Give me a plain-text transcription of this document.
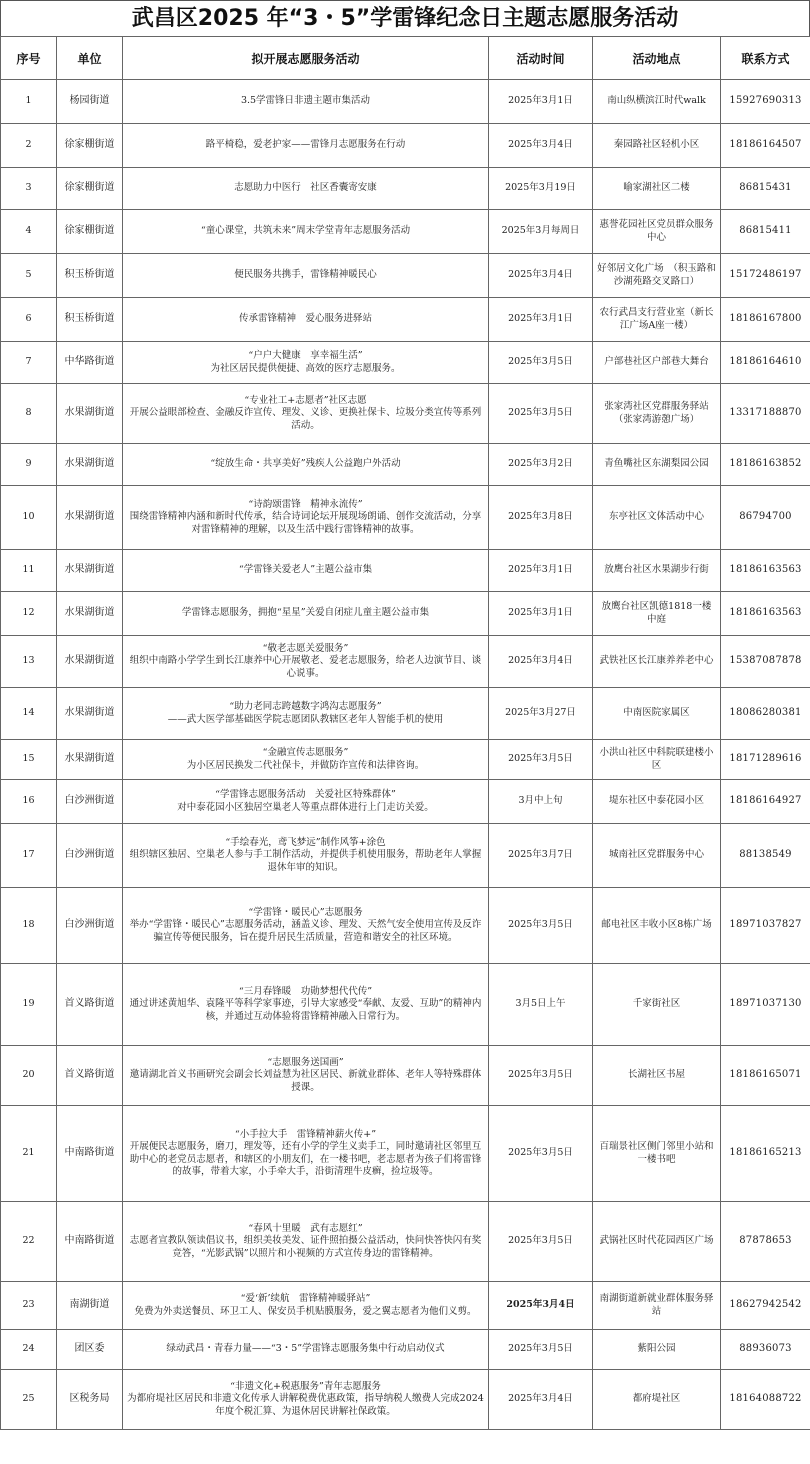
武昌区2025 年“3・5”学雷锋纪念日主题志愿服务活动
序号	单位	拟开展志愿服务活动	活动时间	活动地点	联系方式
1	杨园街道	3.5学雷锋日非遗主题市集活动	2025年3月1日	南山纵横滨江时代walk	15927690313
2	徐家棚街道	路平椅稳，爱老护家——雷锋月志愿服务在行动	2025年3月4日	秦园路社区轻机小区	18186164507
3	徐家棚街道	志愿助力中医行　社区香囊寄安康	2025年3月19日	喻家湖社区二楼	86815431
4	徐家棚街道	“童心课堂，共筑未来”周末学堂青年志愿服务活动	2025年3月每周日	惠誉花园社区党员群众服务中心	86815411
5	积玉桥街道	便民服务共携手，雷锋精神暖民心	2025年3月4日	好邻居文化广场　（积玉路和沙湖苑路交叉路口）	15172486197
6	积玉桥街道	传承雷锋精神　爱心服务进驿站	2025年3月1日	农行武昌支行营业室（新长江广场A座一楼）	18186167800
7	中华路街道	“户户大健康　享幸福生活”
为社区居民提供便捷、高效的医疗志愿服务。	2025年3月5日	户部巷社区户部巷大舞台	18186164610
8	水果湖街道	“专业社工+志愿者”社区志愿
开展公益眼部检查、金融反诈宣传、理发、义诊、更换社保卡、垃圾分类宣传等系列活动。	2025年3月5日	张家湾社区党群服务驿站（张家湾游憩广场）	13317188870
9	水果湖街道	“绽放生命・共享美好”残疾人公益跑户外活动	2025年3月2日	青鱼嘴社区东湖梨园公园	18186163852
10	水果湖街道	“诗韵颂雷锋　精神永流传”
围绕雷锋精神内涵和新时代传承，结合诗词论坛开展现场朗诵、创作交流活动，分享对雷锋精神的理解，以及生活中践行雷锋精神的故事。	2025年3月8日	东亭社区文体活动中心	86794700
11	水果湖街道	“学雷锋关爱老人”主题公益市集	2025年3月1日	放鹰台社区水果湖步行街	18186163563
12	水果湖街道	学雷锋志愿服务，拥抱“星星”关爱自闭症儿童主题公益市集	2025年3月1日	放鹰台社区凯德1818一楼中庭	18186163563
13	水果湖街道	“敬老志愿关爱服务”
组织中南路小学学生到长江康养中心开展敬老、爱老志愿服务，给老人边演节目、谈心说事。	2025年3月4日	武铁社区长江康养养老中心	15387087878
14	水果湖街道	“助力老同志跨越数字鸿沟志愿服务”
——武大医学部基础医学院志愿团队教辖区老年人智能手机的使用	2025年3月27日	中南医院家属区	18086280381
15	水果湖街道	“金融宣传志愿服务”
为小区居民换发二代社保卡，并做防诈宣传和法律咨询。	2025年3月5日	小洪山社区中科院联建楼小区	18171289616
16	白沙洲街道	“学雷锋志愿服务活动　关爱社区特殊群体”
对中泰花园小区独居空巢老人等重点群体进行上门走访关爱。	3月中上旬	堤东社区中泰花园小区	18186164927
17	白沙洲街道	“手绘春光，鸢飞梦远”制作风筝+涂色
组织辖区独居、空巢老人参与手工制作活动，并提供手机使用服务，帮助老年人掌握退休年审的知识。	2025年3月7日	城南社区党群服务中心	88138549
18	白沙洲街道	“学雷锋・暖民心”志愿服务
举办“学雷锋・暖民心”志愿服务活动，涵盖义诊、理发、天然气安全使用宣传及反诈骗宣传等便民服务，旨在提升居民生活质量，营造和谐安全的社区环境。	2025年3月5日	邮电社区丰收小区8栋广场	18971037827
19	首义路街道	“三月春锋暖　功勋梦想代代传”
通过讲述黄旭华、袁隆平等科学家事迹，引导大家感受“奉献、友爱、互助”的精神内核，并通过互动体验将雷锋精神融入日常行为。	3月5日上午	千家街社区	18971037130
20	首义路街道	“志愿服务送国画”
邀请湖北首义书画研究会副会长刘益慧为社区居民、新就业群体、老年人等特殊群体授课。	2025年3月5日	长湖社区书屋	18186165071
21	中南路街道	“小手拉大手　雷锋精神薪火传+”
开展便民志愿服务，磨刀，理发等，还有小学的学生义卖手工，同时邀请社区邻里互助中心的老党员志愿者，和辖区的小朋友们，在一楼书吧，老志愿者为孩子们将雷锋的故事，带着大家，小手牵大手，沿街清理牛皮癣，捡垃圾等。	2025年3月5日	百瑞景社区侧门邻里小站和一楼书吧	18186165213
22	中南路街道	“春风十里暖　武有志愿红”
志愿者宣教队领读倡议书，组织美妆美发、证件照拍摄公益活动，快问快答快闪有奖竞答，“光影武锅”以照片和小视频的方式宣传身边的雷锋精神。	2025年3月5日	武锅社区时代花园西区广场	87878653
23	南湖街道	“爱‘新’续航　雷锋精神暖驿站”
免费为外卖送餐员、环卫工人、保安员手机贴膜服务，爱之翼志愿者为他们义剪。	2025年3月4日	南湖街道新就业群体服务驿站	18627942542
24	团区委	绿动武昌・青春力量——“3・5”学雷锋志愿服务集中行动启动仪式	2025年3月5日	紫阳公园	88936073
25	区税务局	“非遗文化+税惠服务”青年志愿服务
为都府堤社区居民和非遗文化传承人讲解税费优惠政策，指导纳税人缴费人完成2024年度个税汇算、为退休居民讲解社保政策。	2025年3月4日	都府堤社区	18164088722
